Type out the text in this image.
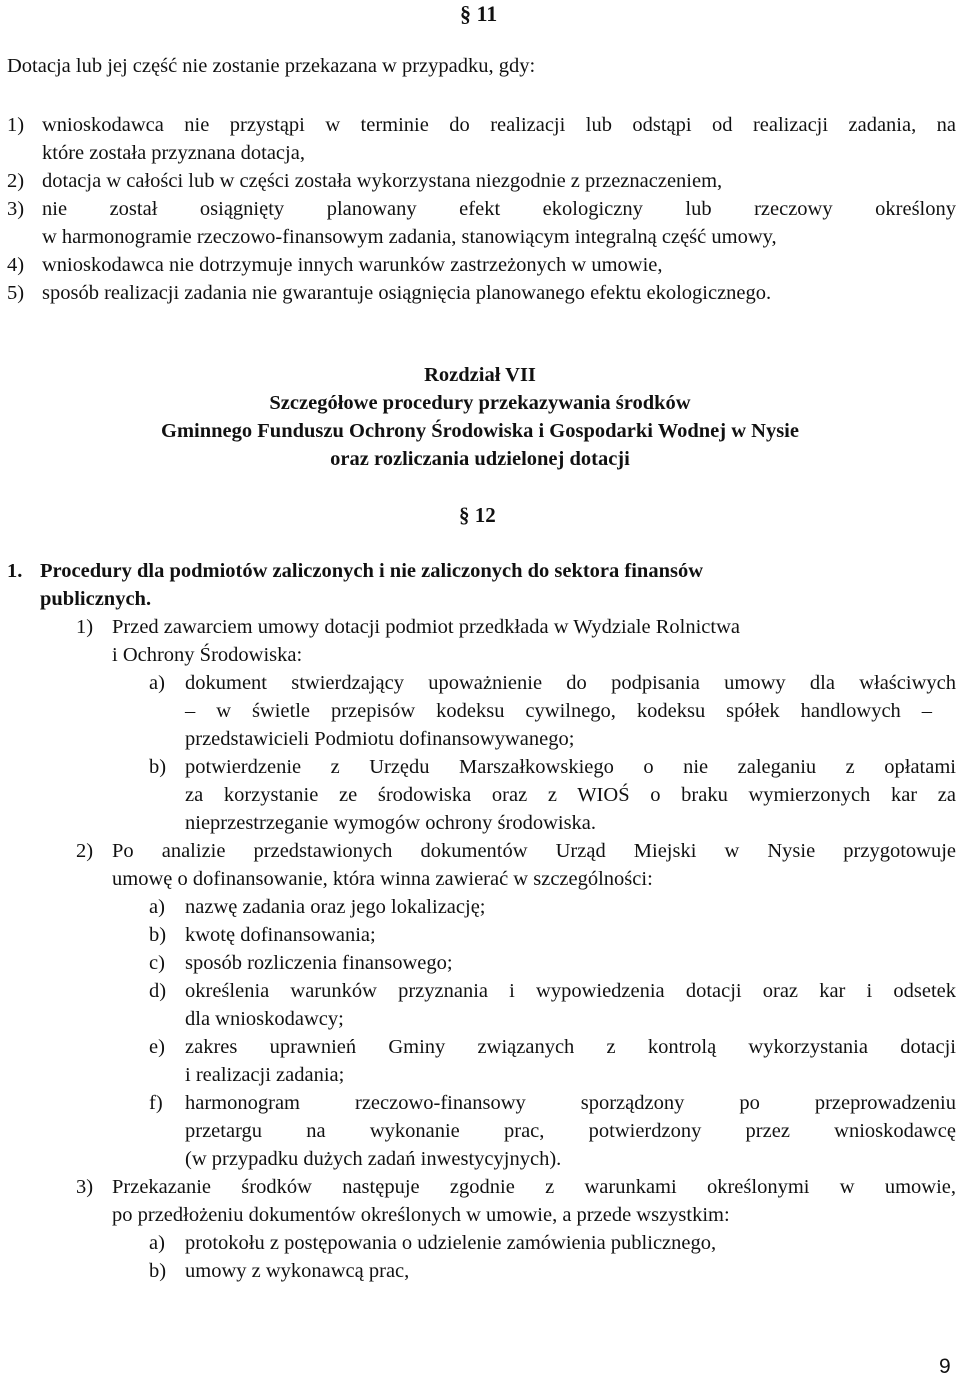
§ 11
Dotacja lub jej część nie zostanie przekazana w przypadku, gdy:
1) wnioskodawca nie przystąpi w terminie do realizacji lub odstąpi od realizacji zadania, na
które została przyznana dotacja,
2) dotacja w całości lub w części została wykorzystana niezgodnie z przeznaczeniem,
3) nie został osiągnięty planowany efekt ekologiczny lub rzeczowy określony
w harmonogramie rzeczowo-finansowym zadania, stanowiącym integralną część umowy,
4) wnioskodawca nie dotrzymuje innych warunków zastrzeżonych w umowie,
5) sposób realizacji zadania nie gwarantuje osiągnięcia planowanego efektu ekologicznego.
Rozdział VII
Szczegółowe procedury przekazywania środków
Gminnego Funduszu Ochrony Środowiska i Gospodarki Wodnej w Nysie
oraz rozliczania udzielonej dotacji
§ 12
1. Procedury dla podmiotów zaliczonych i nie zaliczonych do sektora finansów
publicznych.
1) Przed zawarciem umowy dotacji podmiot przedkłada w Wydziale Rolnictwa
i Ochrony Środowiska:
a) dokument stwierdzający upoważnienie do podpisania umowy dla właściwych
– w świetle przepisów kodeksu cywilnego, kodeksu spółek handlowych –
przedstawicieli Podmiotu dofinansowywanego;
b) potwierdzenie z Urzędu Marszałkowskiego o nie zaleganiu z opłatami
za korzystanie ze środowiska oraz z WIOŚ o braku wymierzonych kar za
nieprzestrzeganie wymogów ochrony środowiska.
2) Po analizie przedstawionych dokumentów Urząd Miejski w Nysie przygotowuje
umowę o dofinansowanie, która winna zawierać w szczególności:
a) nazwę zadania oraz jego lokalizację;
b) kwotę dofinansowania;
c) sposób rozliczenia finansowego;
d) określenia warunków przyznania i wypowiedzenia dotacji oraz kar i odsetek
dla wnioskodawcy;
e) zakres uprawnień Gminy związanych z kontrolą wykorzystania dotacji
i realizacji zadania;
f) harmonogram rzeczowo-finansowy sporządzony po przeprowadzeniu
przetargu na wykonanie prac, potwierdzony przez wnioskodawcę
(w przypadku dużych zadań inwestycyjnych).
3) Przekazanie środków następuje zgodnie z warunkami określonymi w umowie,
po przedłożeniu dokumentów określonych w umowie, a przede wszystkim:
a) protokołu z postępowania o udzielenie zamówienia publicznego,
b) umowy z wykonawcą prac,
9
